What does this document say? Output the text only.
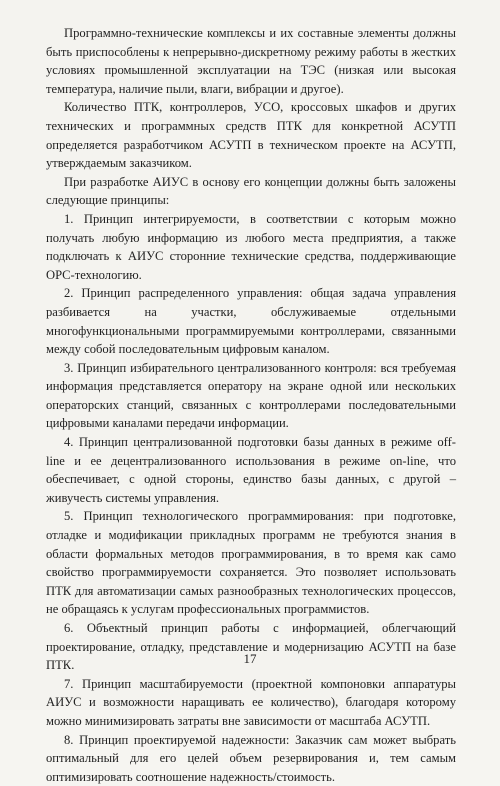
Программно-технические комплексы и их составные элементы должны быть приспособлены к непрерывно-дискретному режиму работы в жестких условиях промышленной эксплуатации на ТЭС (низкая или высокая температура, наличие пыли, влаги, вибрации и другое).

Количество ПТК, контроллеров, УСО, кроссовых шкафов и других технических и программных средств ПТК для конкретной АСУТП определяется разработчиком АСУТП в техническом проекте на АСУТП, утверждаемым заказчиком.

При разработке АИУС в основу его концепции должны быть заложены следующие принципы:

1. Принцип интегрируемости, в соответствии с которым можно получать любую информацию из любого места предприятия, а также подключать к АИУС сторонние технические средства, поддерживающие OPC-технологию.

2. Принцип распределенного управления: общая задача управления разбивается на участки, обслуживаемые отдельными многофункциональными программируемыми контроллерами, связанными между собой последовательным цифровым каналом.

3. Принцип избирательного централизованного контроля: вся требуемая информация представляется оператору на экране одной или нескольких операторских станций, связанных с контроллерами последовательными цифровыми каналами передачи информации.

4. Принцип централизованной подготовки базы данных в режиме off-line и ее децентрализованного использования в режиме on-line, что обеспечивает, с одной стороны, единство базы данных, с другой – живучесть системы управления.

5. Принцип технологического программирования: при подготовке, отладке и модификации прикладных программ не требуются знания в области формальных методов программирования, в то время как само свойство программируемости сохраняется. Это позволяет использовать ПТК для автоматизации самых разнообразных технологических процессов, не обращаясь к услугам профессиональных программистов.

6. Объектный принцип работы с информацией, облегчающий проектирование, отладку, представление и модернизацию АСУТП на базе ПТК.

7. Принцип масштабируемости (проектной компоновки аппаратуры АИУС и возможности наращивать ее количество), благодаря которому можно минимизировать затраты вне зависимости от масштаба АСУТП.

8. Принцип проектируемой надежности: Заказчик сам может выбрать оптимальный для его целей объем резервирования и, тем самым оптимизировать соотношение надежность/стоимость.

17
